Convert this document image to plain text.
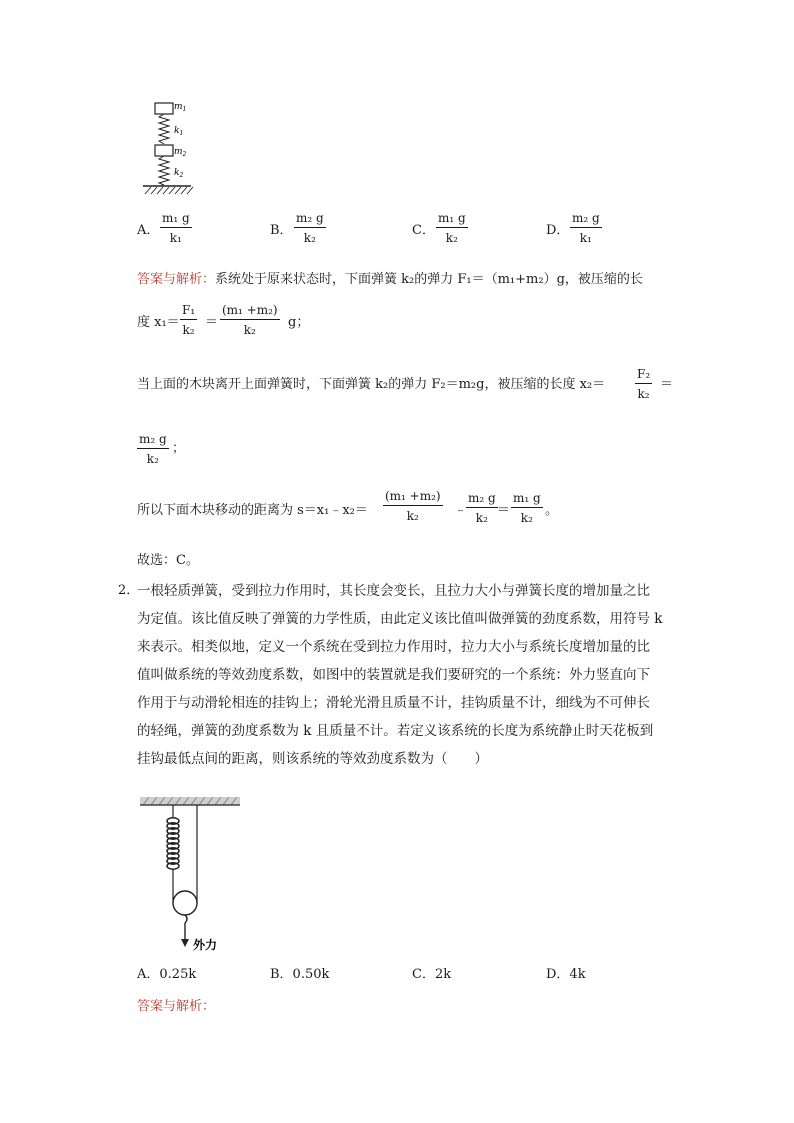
$m_1$
$k_1$
$m_2$
$k_2$
A． $\frac{\text{m₁ g}}{\text{k₁}}$	B． $\frac{\text{m₂ g}}{\text{k₂}}$	C． $\frac{\text{m₁ g}}{\text{k₂}}$	D． $\frac{\text{m₂ g}}{\text{k₁}}$
答案与解析：系统处于原来状态时，下面弹簧 k₂的弹力 F₁＝（m₁+m₂）g，被压缩的长
度 $x_1= \frac{\text{F₁}}{\text{k₂}} = \frac{\text{(m₁ +m₂)}}{\text{k₂}}$ g；
当上面的木块离开上面弹簧时，下面弹簧 k₂的弹力 F₂＝m₂g，被压缩的长度 $x_2= \frac{\text{F₂}}{\text{k₂}}$ ＝
$\frac{\text{m₂ g}}{\text{k₂}}$ ；
所以下面木块移动的距离为 s＝x₁﹣x₂＝ $\frac{\text{(m₁ +m₂)}}{\text{k₂}}$ ﹣
$\frac{\text{m₂ g}}{\text{k₂}} = \frac{\text{m₁ g}}{\text{k₂}}$ 。
故选：C。
2．
一根轻质弹簧，受到拉力作用时，其长度会变长，且拉力大小与弹簧长度的增加量之比
为定值。该比值反映了弹簧的力学性质，由此定义该比值叫做弹簧的劲度系数，用符号 k
来表示。相类似地，定义一个系统在受到拉力作用时，拉力大小与系统长度增加量的比
值叫做系统的等效劲度系数，如图中的装置就是我们要研究的一个系统：外力竖直向下
作用于与动滑轮相连的挂钩上；滑轮光滑且质量不计，挂钩质量不计，细线为不可伸长
的轻绳，弹簧的劲度系数为 k 且质量不计。若定义该系统的长度为系统静止时天花板到
挂钩最低点间的距离，则该系统的等效劲度系数为（　　）
外力
A．0.25k	B．0.50k	C．2k	D．4k
答案与解析：
